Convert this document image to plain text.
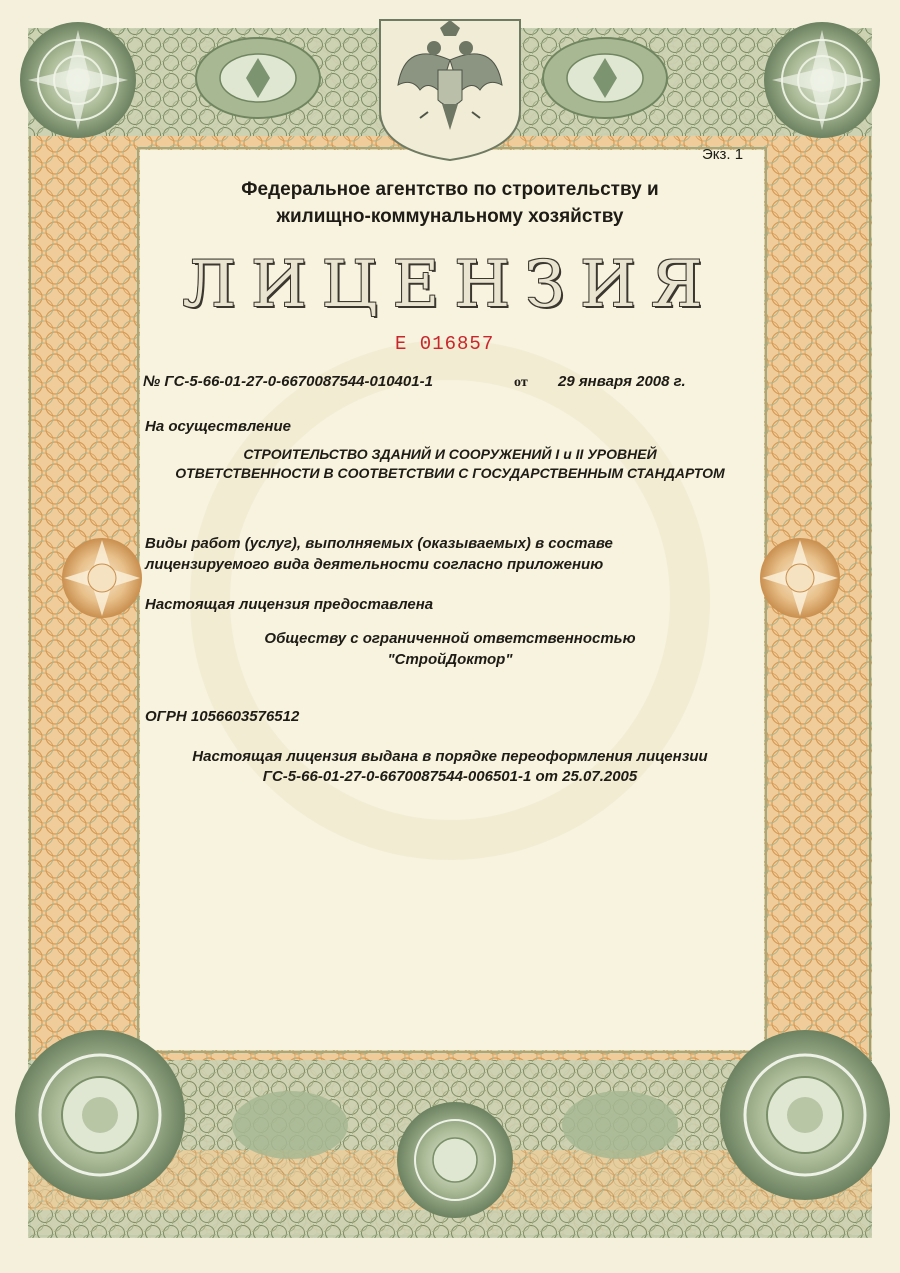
Экз. 1
Федеральное агентство по строительству и
жилищно-коммунальному хозяйству
ЛИЦЕНЗИЯ
Е 016857
№ ГС-5-66-01-27-0-6670087544-010401-1	от 29 января 2008 г.
На осуществление
СТРОИТЕЛЬСТВО ЗДАНИЙ И СООРУЖЕНИЙ I и II УРОВНЕЙ
ОТВЕТСТВЕННОСТИ В СООТВЕТСТВИИ С ГОСУДАРСТВЕННЫМ СТАНДАРТОМ
Виды работ (услуг), выполняемых (оказываемых) в составе
лицензируемого вида деятельности согласно приложению
Настоящая лицензия предоставлена
Обществу с ограниченной ответственностью
"СтройДоктор"
ОГРН 1056603576512
Настоящая лицензия выдана в порядке переоформления лицензии
ГС-5-66-01-27-0-6670087544-006501-1 от 25.07.2005
